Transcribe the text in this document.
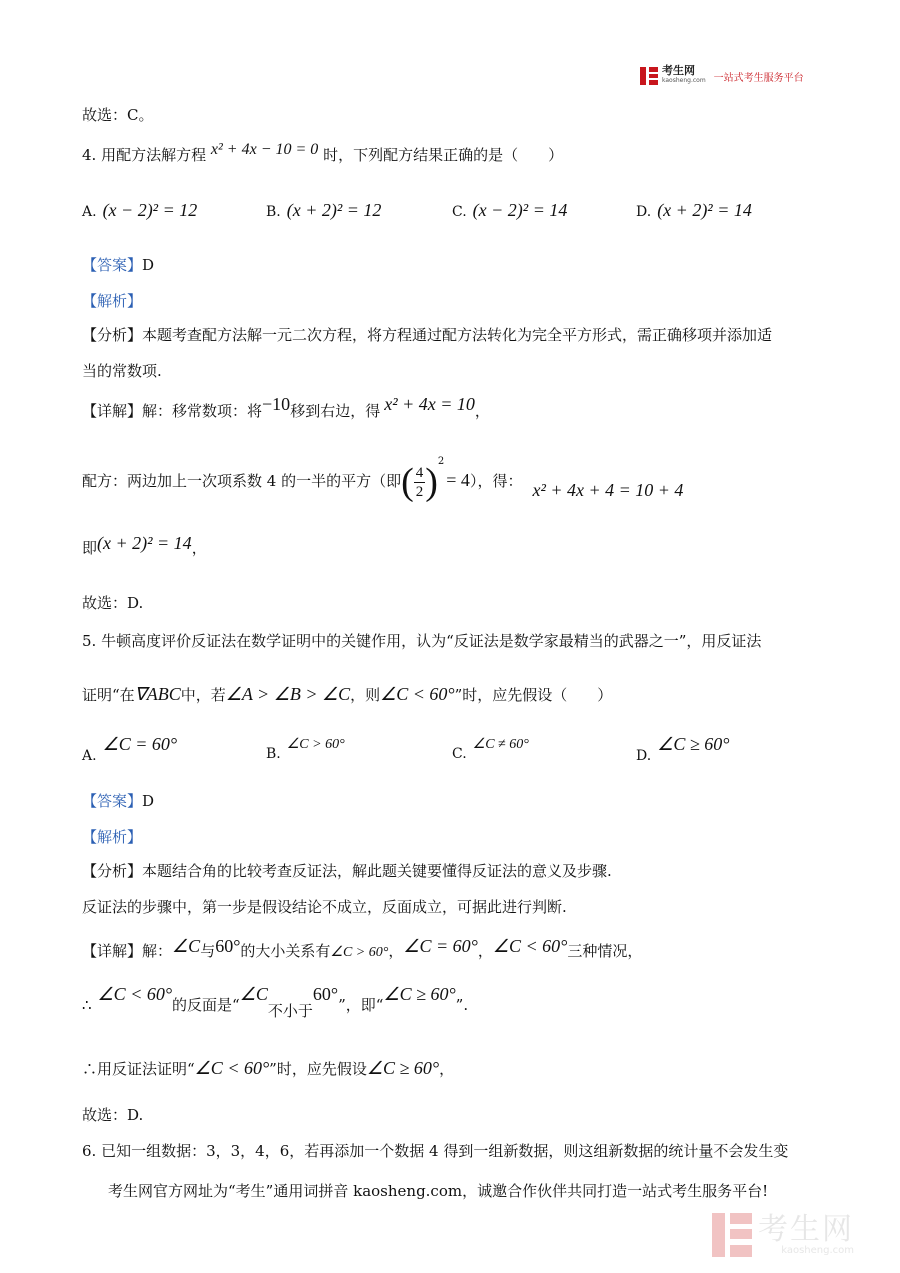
考生网
kaosheng.com 一站式考生服务平台
故选：C。
4. 用配方法解方程 x² + 4x − 10 = 0 时，下列配方结果正确的是（　　）
A. (x − 2)² = 12	B. (x + 2)² = 12	C. (x − 2)² = 14	D. (x + 2)² = 14
【答案】D
【解析】
【分析】本题考查配方法解一元二次方程，将方程通过配方法转化为完全平方形式，需正确移项并添加适
当的常数项.
【详解】解：移常数项：将−10移到右边，得 x² + 4x = 10，
配方：两边加上一次项系数 4 的一半的平方（即( $\frac{4}{2} )^2= 4$），得： x² + 4x + 4 = 10 + 4
即(x + 2)² = 14，
故选：D.
5. 牛顿高度评价反证法在数学证明中的关键作用，认为“反证法是数学家最精当的武器之一”，用反证法
证明“在∇ABC中，若∠A > ∠B > ∠C，则∠C < 60°”时，应先假设（　　）
A.∠C = 60°	B.∠C > 60°
C.∠C ≠ 60°
D.∠C ≥ 60°
【答案】D
【解析】
【分析】本题结合角的比较考查反证法，解此题关键要懂得反证法的意义及步骤.
反证法的步骤中，第一步是假设结论不成立，反面成立，可据此进行判断.
【详解】解：∠C与60°的大小关系有∠C > 60°，∠C = 60°，∠C < 60°三种情况，
∴∠C < 60°的反面是“∠C不小于60°”，即“∠C ≥ 60°”.
∴用反证法证明“∠C < 60°”时，应先假设∠C ≥ 60°，
故选：D.
6. 已知一组数据：3，3，4，6，若再添加一个数据 4 得到一组新数据，则这组新数据的统计量不会发生变
考生网官方网址为“考生”通用词拼音 kaosheng.com，诚邀合作伙伴共同打造一站式考生服务平台!
考生网
kaosheng.com
